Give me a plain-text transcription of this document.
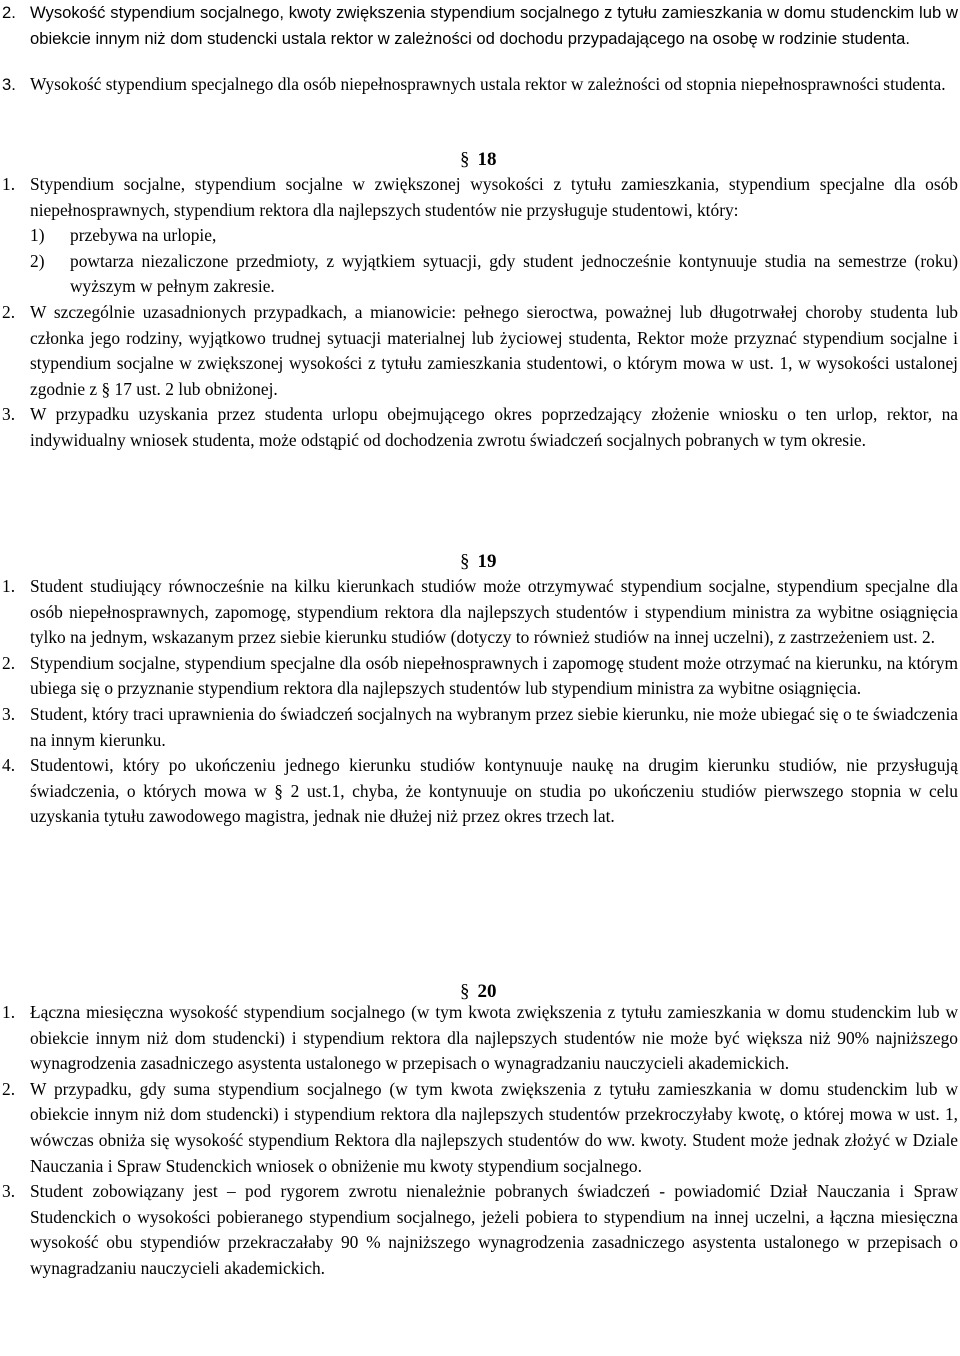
2. Wysokość stypendium socjalnego, kwoty zwiększenia stypendium socjalnego z tytułu zamieszkania w domu studenckim lub w obiekcie innym niż dom studencki ustala rektor w zależności od dochodu przypadającego na osobę w rodzinie studenta.
3. Wysokość stypendium specjalnego dla osób niepełnosprawnych ustala rektor w zależności od stopnia niepełnosprawności studenta.
§ 18
1. Stypendium socjalne, stypendium socjalne w zwiększonej wysokości z tytułu zamieszkania, stypendium specjalne dla osób niepełnosprawnych, stypendium rektora dla najlepszych studentów nie przysługuje studentowi, który:
1) przebywa na urlopie,
2) powtarza niezaliczone przedmioty, z wyjątkiem sytuacji, gdy student jednocześnie kontynuuje studia na semestrze (roku) wyższym w pełnym zakresie.
2. W szczególnie uzasadnionych przypadkach, a mianowicie: pełnego sieroctwa, poważnej lub długotrwałej choroby studenta lub członka jego rodziny, wyjątkowo trudnej sytuacji materialnej lub życiowej studenta, Rektor może przyznać stypendium socjalne i stypendium socjalne w zwiększonej wysokości z tytułu zamieszkania studentowi, o którym mowa w ust. 1, w wysokości ustalonej zgodnie z § 17 ust. 2 lub obniżonej.
3. W przypadku uzyskania przez studenta urlopu obejmującego okres poprzedzający złożenie wniosku o ten urlop, rektor, na indywidualny wniosek studenta, może odstąpić od dochodzenia zwrotu świadczeń socjalnych pobranych w tym okresie.
§ 19
1. Student studiujący równocześnie na kilku kierunkach studiów może otrzymywać stypendium socjalne, stypendium specjalne dla osób niepełnosprawnych, zapomogę, stypendium rektora dla najlepszych studentów i stypendium ministra za wybitne osiągnięcia tylko na jednym, wskazanym przez siebie kierunku studiów (dotyczy to również studiów na innej uczelni), z zastrzeżeniem ust. 2.
2. Stypendium socjalne, stypendium specjalne dla osób niepełnosprawnych i zapomogę student może otrzymać na kierunku, na którym ubiega się o przyznanie stypendium rektora dla najlepszych studentów lub stypendium ministra za wybitne osiągnięcia.
3. Student, który traci uprawnienia do świadczeń socjalnych na wybranym przez siebie kierunku, nie może ubiegać się o te świadczenia na innym kierunku.
4. Studentowi, który po ukończeniu jednego kierunku studiów kontynuuje naukę na drugim kierunku studiów, nie przysługują świadczenia, o których mowa w § 2 ust.1, chyba, że kontynuuje on studia po ukończeniu studiów pierwszego stopnia w celu uzyskania tytułu zawodowego magistra, jednak nie dłużej niż przez okres trzech lat.
§ 20
1. Łączna miesięczna wysokość stypendium socjalnego (w tym kwota zwiększenia z tytułu zamieszkania w domu studenckim lub w obiekcie innym niż dom studencki) i stypendium rektora dla najlepszych studentów nie może być większa niż 90% najniższego wynagrodzenia zasadniczego asystenta ustalonego w przepisach o wynagradzaniu nauczycieli akademickich.
2. W przypadku, gdy suma stypendium socjalnego (w tym kwota zwiększenia z tytułu zamieszkania w domu studenckim lub w obiekcie innym niż dom studencki) i stypendium rektora dla najlepszych studentów przekroczyłaby kwotę, o której mowa w ust. 1, wówczas obniża się wysokość stypendium Rektora dla najlepszych studentów do ww. kwoty. Student może jednak złożyć w Dziale Nauczania i Spraw Studenckich wniosek o obniżenie mu kwoty stypendium socjalnego.
3. Student zobowiązany jest – pod rygorem zwrotu nienależnie pobranych świadczeń - powiadomić Dział Nauczania i Spraw Studenckich o wysokości pobieranego stypendium socjalnego, jeżeli pobiera to stypendium na innej uczelni, a łączna miesięczna wysokość obu stypendiów przekraczałaby 90 % najniższego wynagrodzenia zasadniczego asystenta ustalonego w przepisach o wynagradzaniu nauczycieli akademickich.
